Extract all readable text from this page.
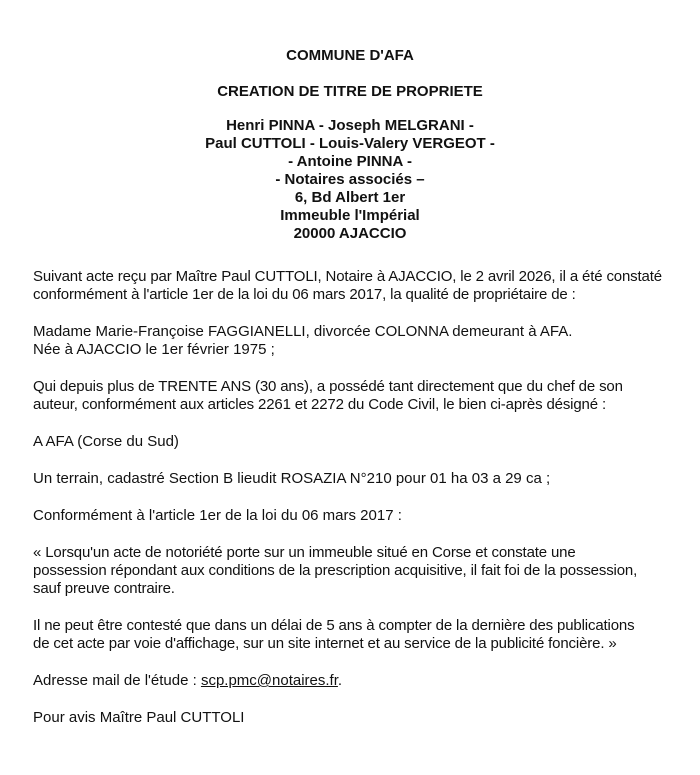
COMMUNE D'AFA
CREATION DE TITRE DE PROPRIETE
Henri PINNA - Joseph MELGRANI -
Paul CUTTOLI - Louis-Valery VERGEOT -
- Antoine PINNA -
- Notaires associés –
6, Bd Albert 1er
Immeuble l'Impérial
20000 AJACCIO

Suivant acte reçu par Maître Paul CUTTOLI, Notaire à AJACCIO, le 2 avril 2026, il a été constaté
conformément à l'article 1er de la loi du 06 mars 2017, la qualité de propriétaire de :

Madame Marie-Françoise FAGGIANELLI, divorcée COLONNA demeurant à AFA.
Née à AJACCIO le 1er février 1975 ;

Qui depuis plus de TRENTE ANS (30 ans), a possédé tant directement que du chef de son
auteur, conformément aux articles 2261 et 2272 du Code Civil, le bien ci-après désigné :

A AFA (Corse du Sud)

Un terrain, cadastré Section B lieudit ROSAZIA N°210 pour 01 ha 03 a 29 ca ;

Conformément à l'article 1er de la loi du 06 mars 2017 :

« Lorsqu'un acte de notoriété porte sur un immeuble situé en Corse et constate une
possession répondant aux conditions de la prescription acquisitive, il fait foi de la possession,
sauf preuve contraire.

Il ne peut être contesté que dans un délai de 5 ans à compter de la dernière des publications
de cet acte par voie d'affichage, sur un site internet et au service de la publicité foncière. »

Adresse mail de l'étude : scp.pmc@notaires.fr.

Pour avis Maître Paul CUTTOLI
